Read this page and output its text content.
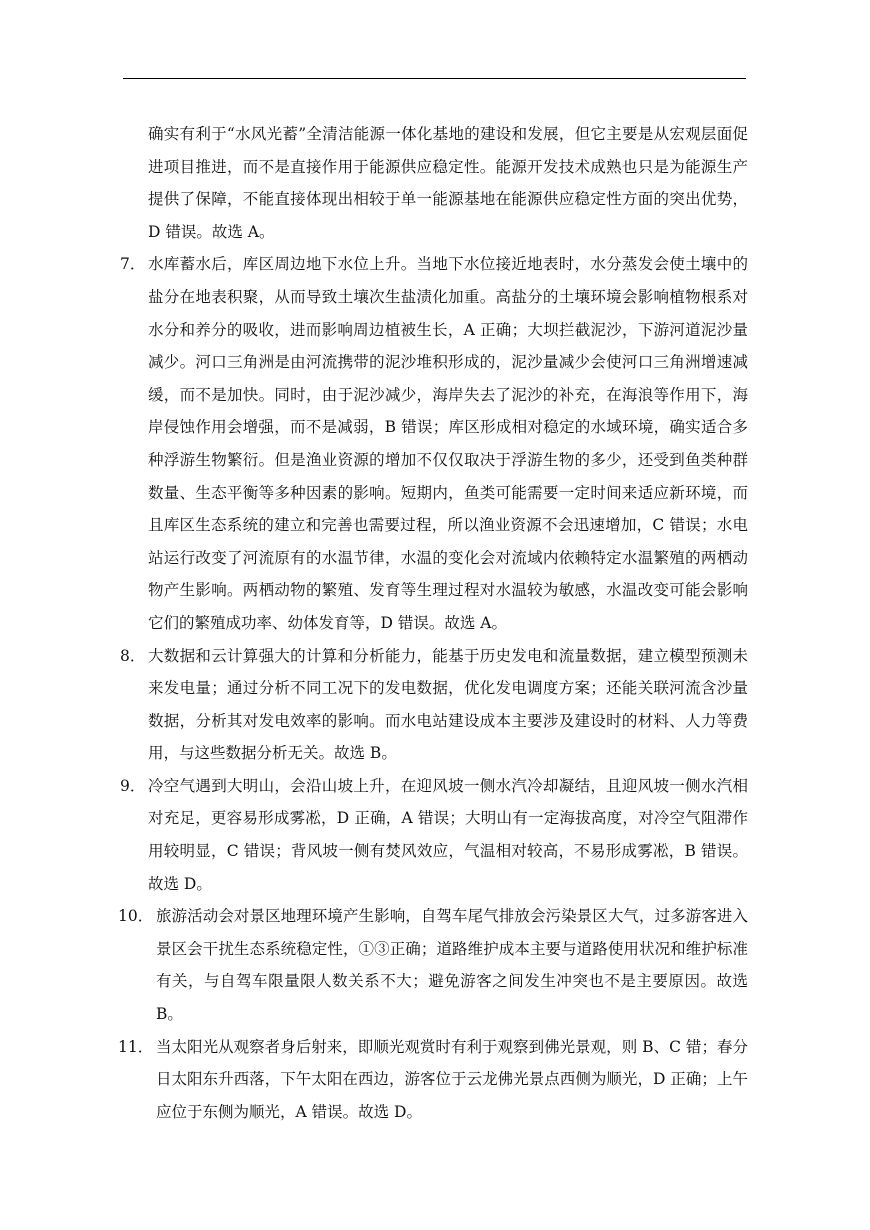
确实有利于“水风光蓄”全清洁能源一体化基地的建设和发展，但它主要是从宏观层面促进项目推进，而不是直接作用于能源供应稳定性。能源开发技术成熟也只是为能源生产提供了保障，不能直接体现出相较于单一能源基地在能源供应稳定性方面的突出优势，D 错误。故选 A。

7． 水库蓄水后，库区周边地下水位上升。当地下水位接近地表时，水分蒸发会使土壤中的盐分在地表积聚，从而导致土壤次生盐渍化加重。高盐分的土壤环境会影响植物根系对水分和养分的吸收，进而影响周边植被生长，A 正确；大坝拦截泥沙，下游河道泥沙量减少。河口三角洲是由河流携带的泥沙堆积形成的，泥沙量减少会使河口三角洲增速减缓，而不是加快。同时，由于泥沙减少，海岸失去了泥沙的补充，在海浪等作用下，海岸侵蚀作用会增强，而不是减弱，B 错误；库区形成相对稳定的水域环境，确实适合多种浮游生物繁衍。但是渔业资源的增加不仅仅取决于浮游生物的多少，还受到鱼类种群数量、生态平衡等多种因素的影响。短期内，鱼类可能需要一定时间来适应新环境，而且库区生态系统的建立和完善也需要过程，所以渔业资源不会迅速增加，C 错误；水电站运行改变了河流原有的水温节律，水温的变化会对流域内依赖特定水温繁殖的两栖动物产生影响。两栖动物的繁殖、发育等生理过程对水温较为敏感，水温改变可能会影响它们的繁殖成功率、幼体发育等，D 错误。故选 A。

8． 大数据和云计算强大的计算和分析能力，能基于历史发电和流量数据，建立模型预测未来发电量；通过分析不同工况下的发电数据，优化发电调度方案；还能关联河流含沙量数据，分析其对发电效率的影响。而水电站建设成本主要涉及建设时的材料、人力等费用，与这些数据分析无关。故选 B。

9． 冷空气遇到大明山，会沿山坡上升，在迎风坡一侧水汽冷却凝结，且迎风坡一侧水汽相对充足，更容易形成雾凇，D 正确，A 错误；大明山有一定海拔高度，对冷空气阻滞作用较明显，C 错误；背风坡一侧有焚风效应，气温相对较高，不易形成雾凇，B 错误。故选 D。

10． 旅游活动会对景区地理环境产生影响，自驾车尾气排放会污染景区大气，过多游客进入景区会干扰生态系统稳定性，①③正确；道路维护成本主要与道路使用状况和维护标准有关，与自驾车限量限人数关系不大；避免游客之间发生冲突也不是主要原因。故选 B。

11． 当太阳光从观察者身后射来，即顺光观赏时有利于观察到佛光景观，则 B、C 错；春分日太阳东升西落，下午太阳在西边，游客位于云龙佛光景点西侧为顺光，D 正确；上午应位于东侧为顺光，A 错误。故选 D。
